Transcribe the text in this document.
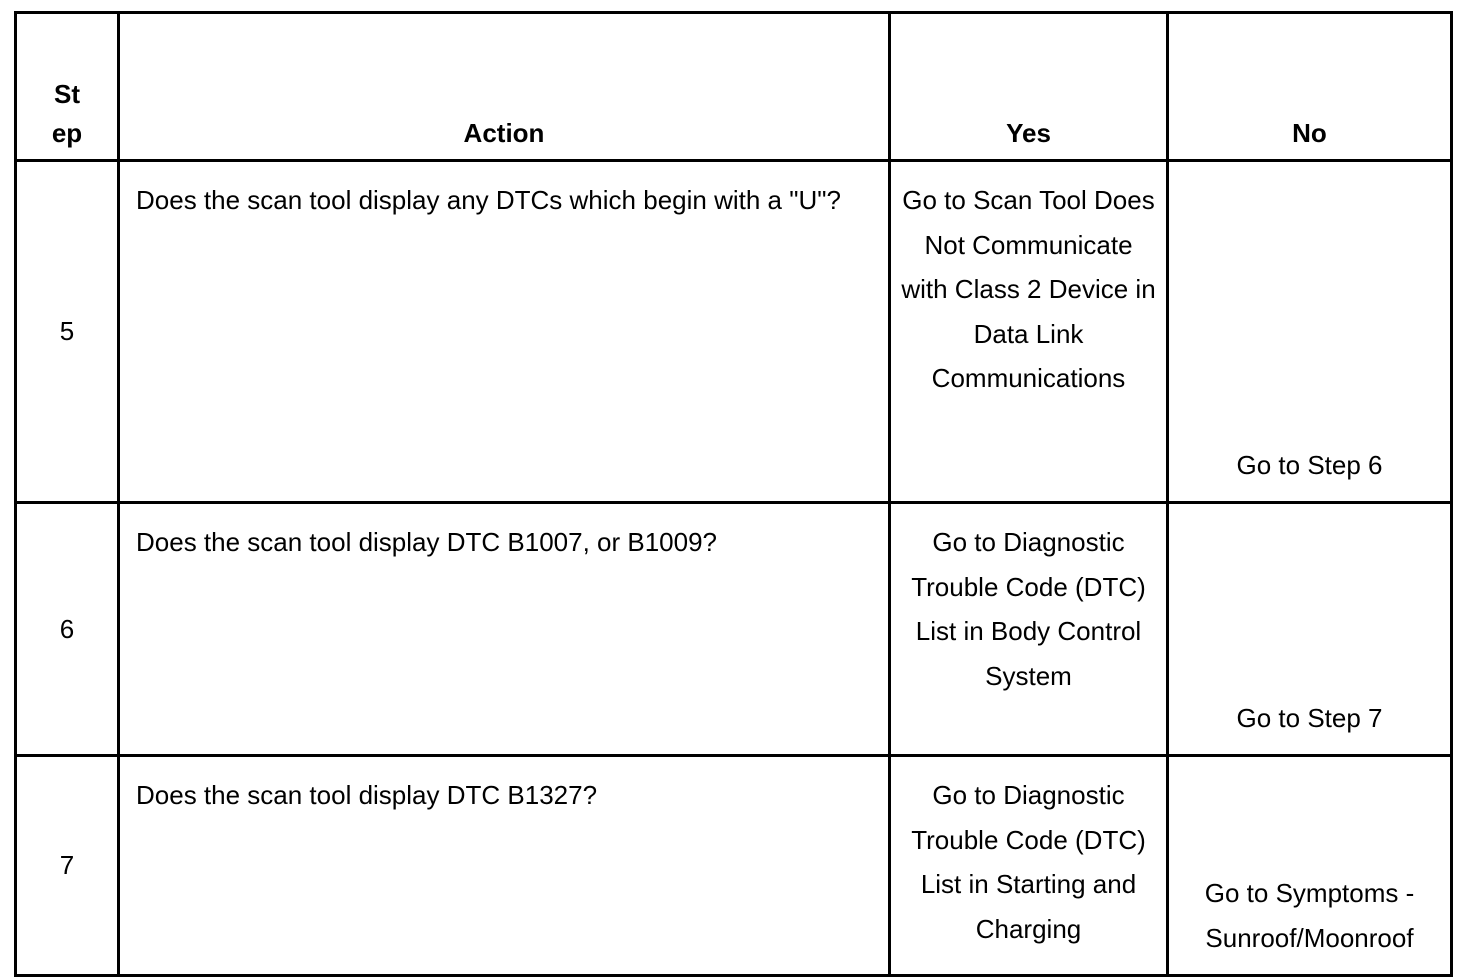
St ep	Action	Yes	No

5	Does the scan tool display any DTCs which begin with a "U"?	Go to Scan Tool Does Not Communicate with Class 2 Device in Data Link Communications	Go to Step 6

6	Does the scan tool display DTC B1007, or B1009?	Go to Diagnostic Trouble Code (DTC) List in Body Control System	Go to Step 7

7	Does the scan tool display DTC B1327?	Go to Diagnostic Trouble Code (DTC) List in Starting and Charging	Go to Symptoms - Sunroof/Moonroof
